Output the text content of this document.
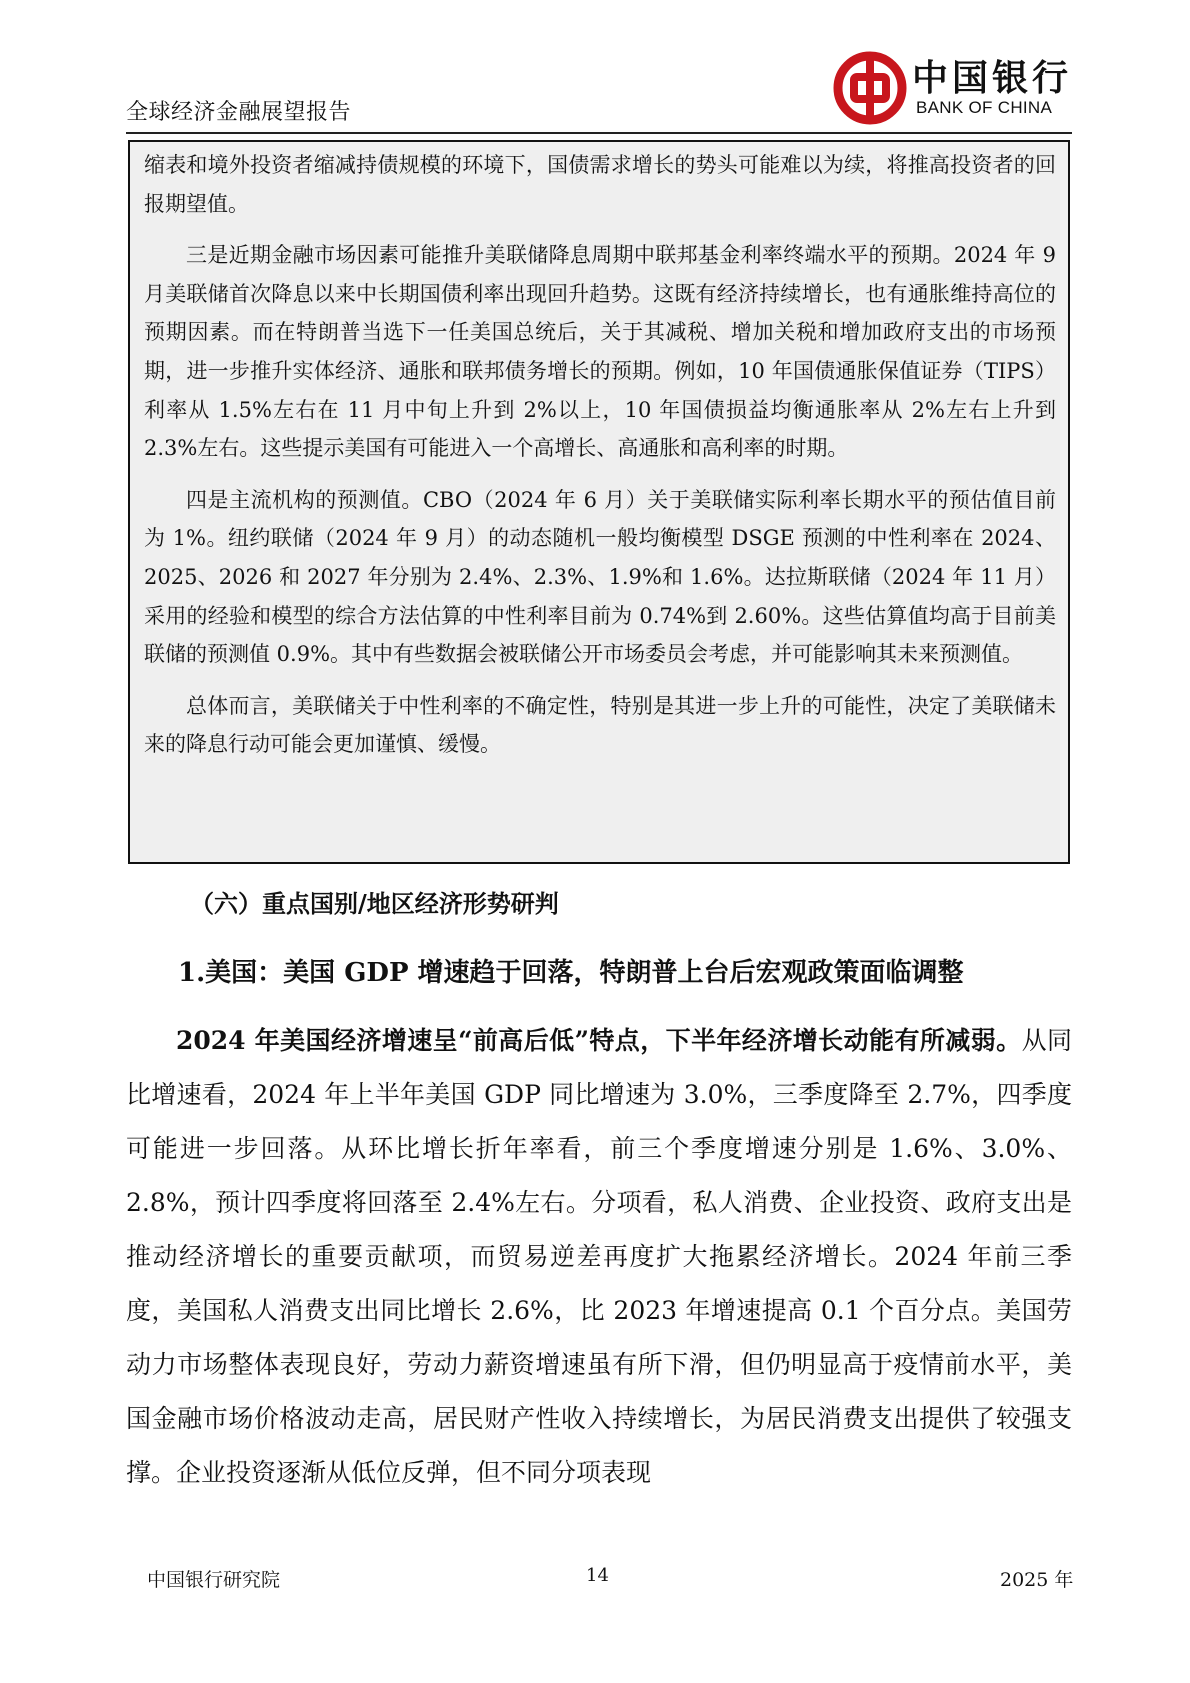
全球经济金融展望报告
中国银行
BANK OF CHINA

缩表和境外投资者缩减持债规模的环境下，国债需求增长的势头可能难以为续，将推高投资者的回报期望值。

三是近期金融市场因素可能推升美联储降息周期中联邦基金利率终端水平的预期。2024 年 9 月美联储首次降息以来中长期国债利率出现回升趋势。这既有经济持续增长，也有通胀维持高位的预期因素。而在特朗普当选下一任美国总统后，关于其减税、增加关税和增加政府支出的市场预期，进一步推升实体经济、通胀和联邦债务增长的预期。例如，10 年国债通胀保值证券（TIPS）利率从 1.5%左右在 11 月中旬上升到 2%以上，10 年国债损益均衡通胀率从 2%左右上升到 2.3%左右。这些提示美国有可能进入一个高增长、高通胀和高利率的时期。

四是主流机构的预测值。CBO（2024 年 6 月）关于美联储实际利率长期水平的预估值目前为 1%。纽约联储（2024 年 9 月）的动态随机一般均衡模型 DSGE 预测的中性利率在 2024、2025、2026 和 2027 年分别为 2.4%、2.3%、1.9%和 1.6%。达拉斯联储（2024 年 11 月）采用的经验和模型的综合方法估算的中性利率目前为 0.74%到 2.60%。这些估算值均高于目前美联储的预测值 0.9%。其中有些数据会被联储公开市场委员会考虑，并可能影响其未来预测值。

总体而言，美联储关于中性利率的不确定性，特别是其进一步上升的可能性，决定了美联储未来的降息行动可能会更加谨慎、缓慢。

（六）重点国别/地区经济形势研判
1.美国：美国 GDP 增速趋于回落，特朗普上台后宏观政策面临调整

2024 年美国经济增速呈“前高后低”特点，下半年经济增长动能有所减弱。从同比增速看，2024 年上半年美国 GDP 同比增速为 3.0%，三季度降至 2.7%，四季度可能进一步回落。从环比增长折年率看，前三个季度增速分别是 1.6%、3.0%、2.8%，预计四季度将回落至 2.4%左右。分项看，私人消费、企业投资、政府支出是推动经济增长的重要贡献项，而贸易逆差再度扩大拖累经济增长。2024 年前三季度，美国私人消费支出同比增长 2.6%，比 2023 年增速提高 0.1 个百分点。美国劳动力市场整体表现良好，劳动力薪资增速虽有所下滑，但仍明显高于疫情前水平，美国金融市场价格波动走高，居民财产性收入持续增长，为居民消费支出提供了较强支撑。企业投资逐渐从低位反弹，但不同分项表现

中国银行研究院	14	2025 年
